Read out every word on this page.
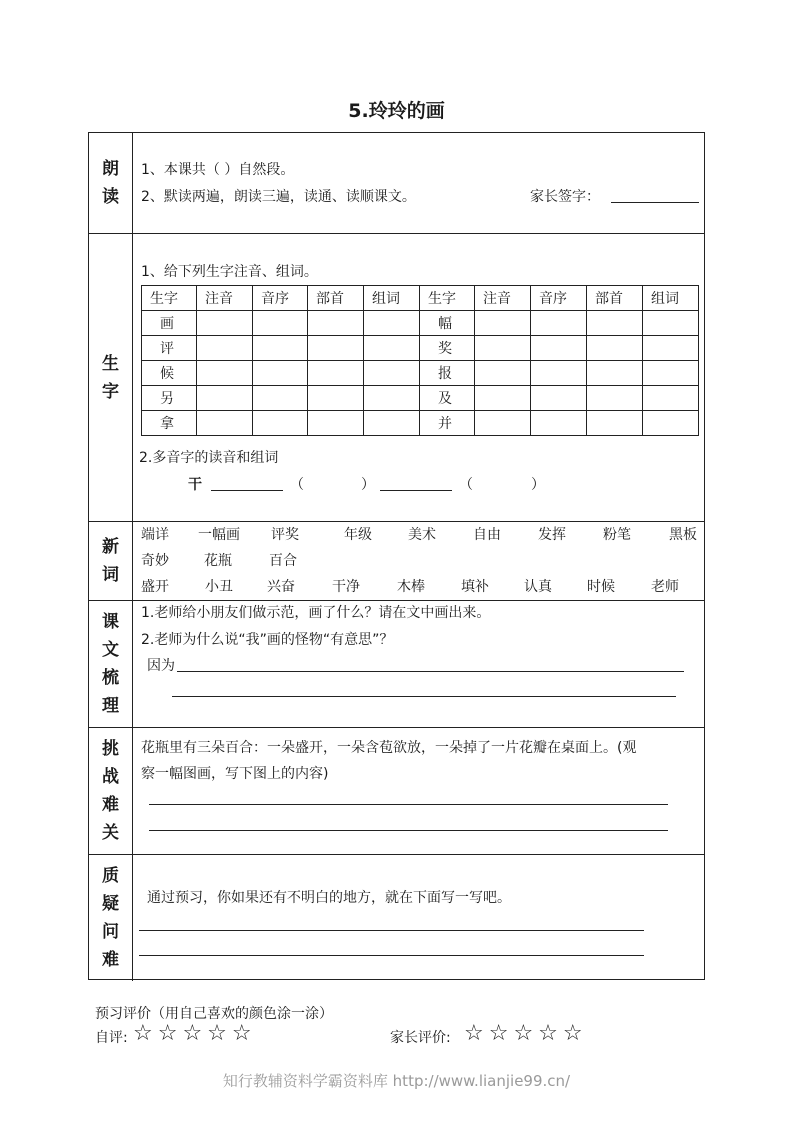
5.玲玲的画
朗读
1、本课共（ ）自然段。
2、默读两遍，朗读三遍，读通、读顺课文。	家长签字：
生字
1、给下列生字注音、组词。
生字	注音	音序	部首	组词	生字	注音	音序	部首	组词
画					幅				
评					奖				
候					报				
另					及				
拿					并				
2.多音字的读音和组词
干	（	）	（	）
新词
端详 一幅画 评奖	年级	美术	自由	发挥	粉笔	黑板
奇妙	花瓶	百合
盛开	小丑 兴奋	干净	木棒	填补	认真	时候	老师
课文梳理
1.老师给小朋友们做示范，画了什么？请在文中画出来。
2.老师为什么说“我”画的怪物“有意思”？
因为
挑战难关
花瓶里有三朵百合：一朵盛开，一朵含苞欲放，一朵掉了一片花瓣在桌面上。(观
察一幅图画，写下图上的内容)
质疑问难
通过预习，你如果还有不明白的地方，就在下面写一写吧。
预习评价（用自己喜欢的颜色涂一涂）
自评: ☆☆☆☆☆	家长评价: ☆☆☆☆☆
知行教辅资料学霸资料库 http://www.lianjie99.cn/
